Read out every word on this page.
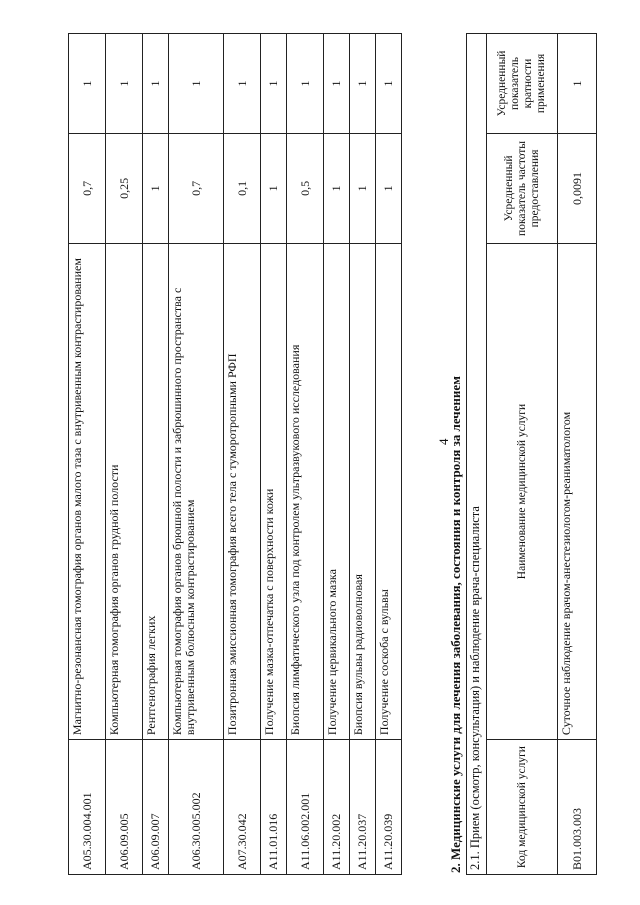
4
A05.30.004.001	Магнитно-резонансная томография органов малого таза с внутривенным контрастированием	0,7	1
A06.09.005	Компьютерная томография органов грудной полости	0,25	1
A06.09.007	Рентгенография легких	1	1
A06.30.005.002	Компьютерная томография органов брюшной полости и забрюшинного пространства с внутривенным болюсным контрастированием	0,7	1
A07.30.042	Позитронная эмиссионная томография всего тела с туморотропными РФП	0,1	1
A11.01.016	Получение мазка-отпечатка с поверхности кожи	1	1
A11.06.002.001	Биопсия лимфатического узла под контролем ультразвукового исследования	0,5	1
A11.20.002	Получение цервикального мазка	1	1
A11.20.037	Биопсия вульвы радиоволновая	1	1
A11.20.039	Получение соскоба с вульвы	1	1
2. Медицинские услуги для лечения заболевания, состояния и контроля за лечением 2.1. Прием (осмотр, консультация) и наблюдение врача-специалиста			
Код медицинской услуги	Наименование медицинской услуги	Усредненный показатель частоты предоставления	Усредненный показатель кратности применения
B01.003.003	Суточное наблюдение врачом-анестезиологом-реаниматологом	0,0091	1
